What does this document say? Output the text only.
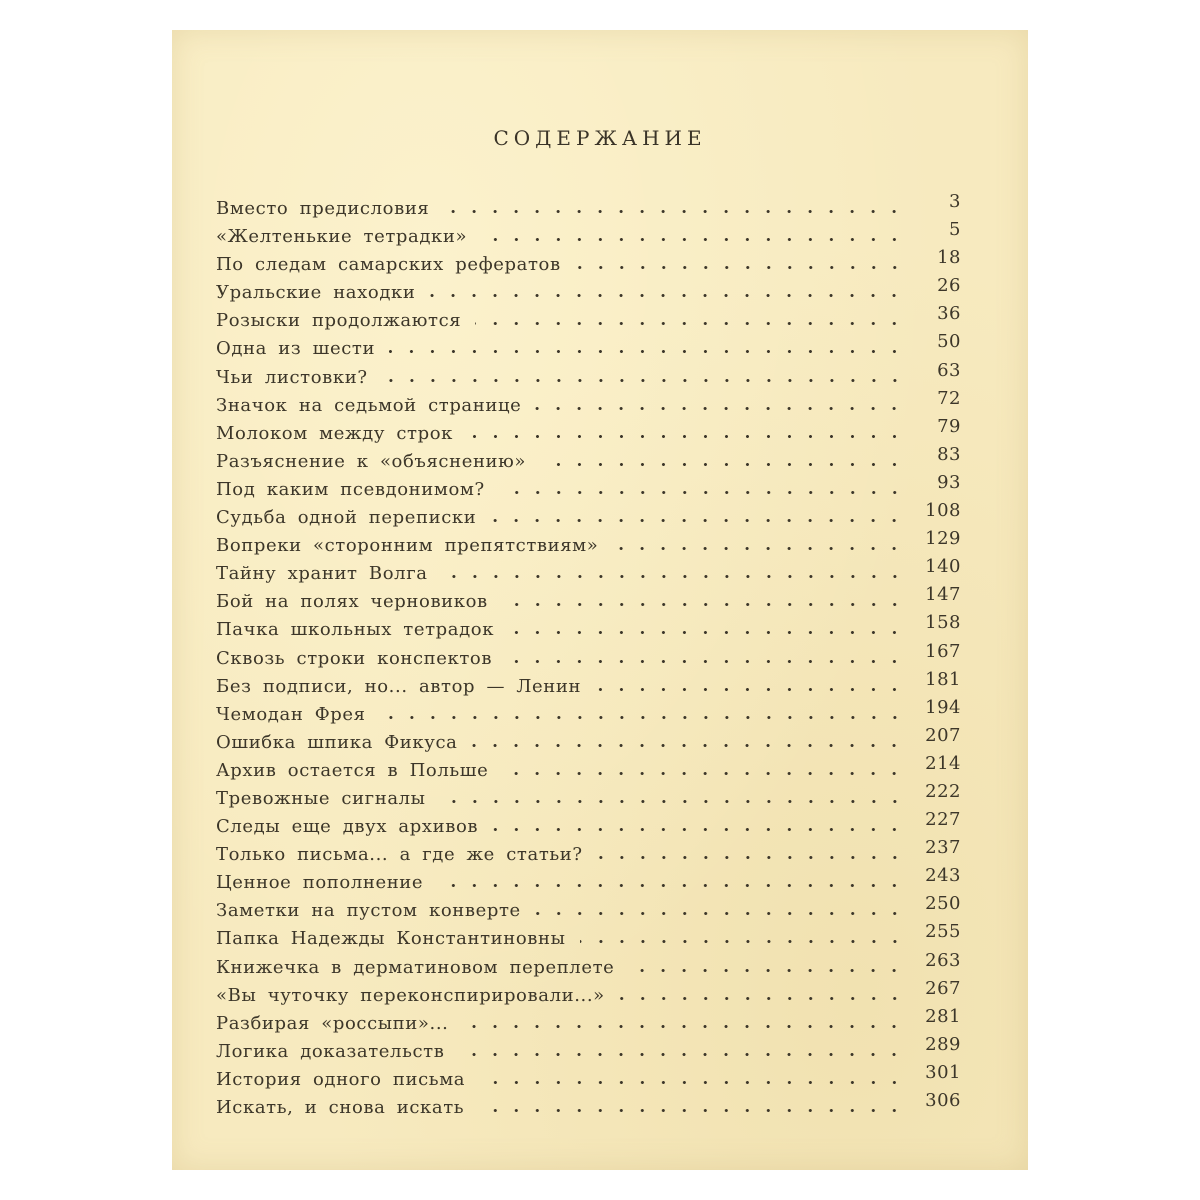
СОДЕРЖАНИЕ
Вместо предисловия	3
«Желтенькие тетрадки»	5
По следам самарских рефератов	18
Уральские находки	26
Розыски продолжаются	36
Одна из шести	50
Чьи листовки?	63
Значок на седьмой странице	72
Молоком между строк	79
Разъяснение к «объяснению»	83
Под каким псевдонимом?	93
Судьба одной переписки	108
Вопреки «сторонним препятствиям»	129
Тайну хранит Волга	140
Бой на полях черновиков	147
Пачка школьных тетрадок	158
Сквозь строки конспектов	167
Без подписи, но... автор — Ленин	181
Чемодан Фрея	194
Ошибка шпика Фикуса	207
Архив остается в Польше	214
Тревожные сигналы	222
Следы еще двух архивов	227
Только письма... а где же статьи?	237
Ценное пополнение	243
Заметки на пустом конверте	250
Папка Надежды Константиновны	255
Книжечка в дерматиновом переплете	263
«Вы чуточку переконспирировали...»	267
Разбирая «россыпи»...	281
Логика доказательств	289
История одного письма	301
Искать, и снова искать	306
